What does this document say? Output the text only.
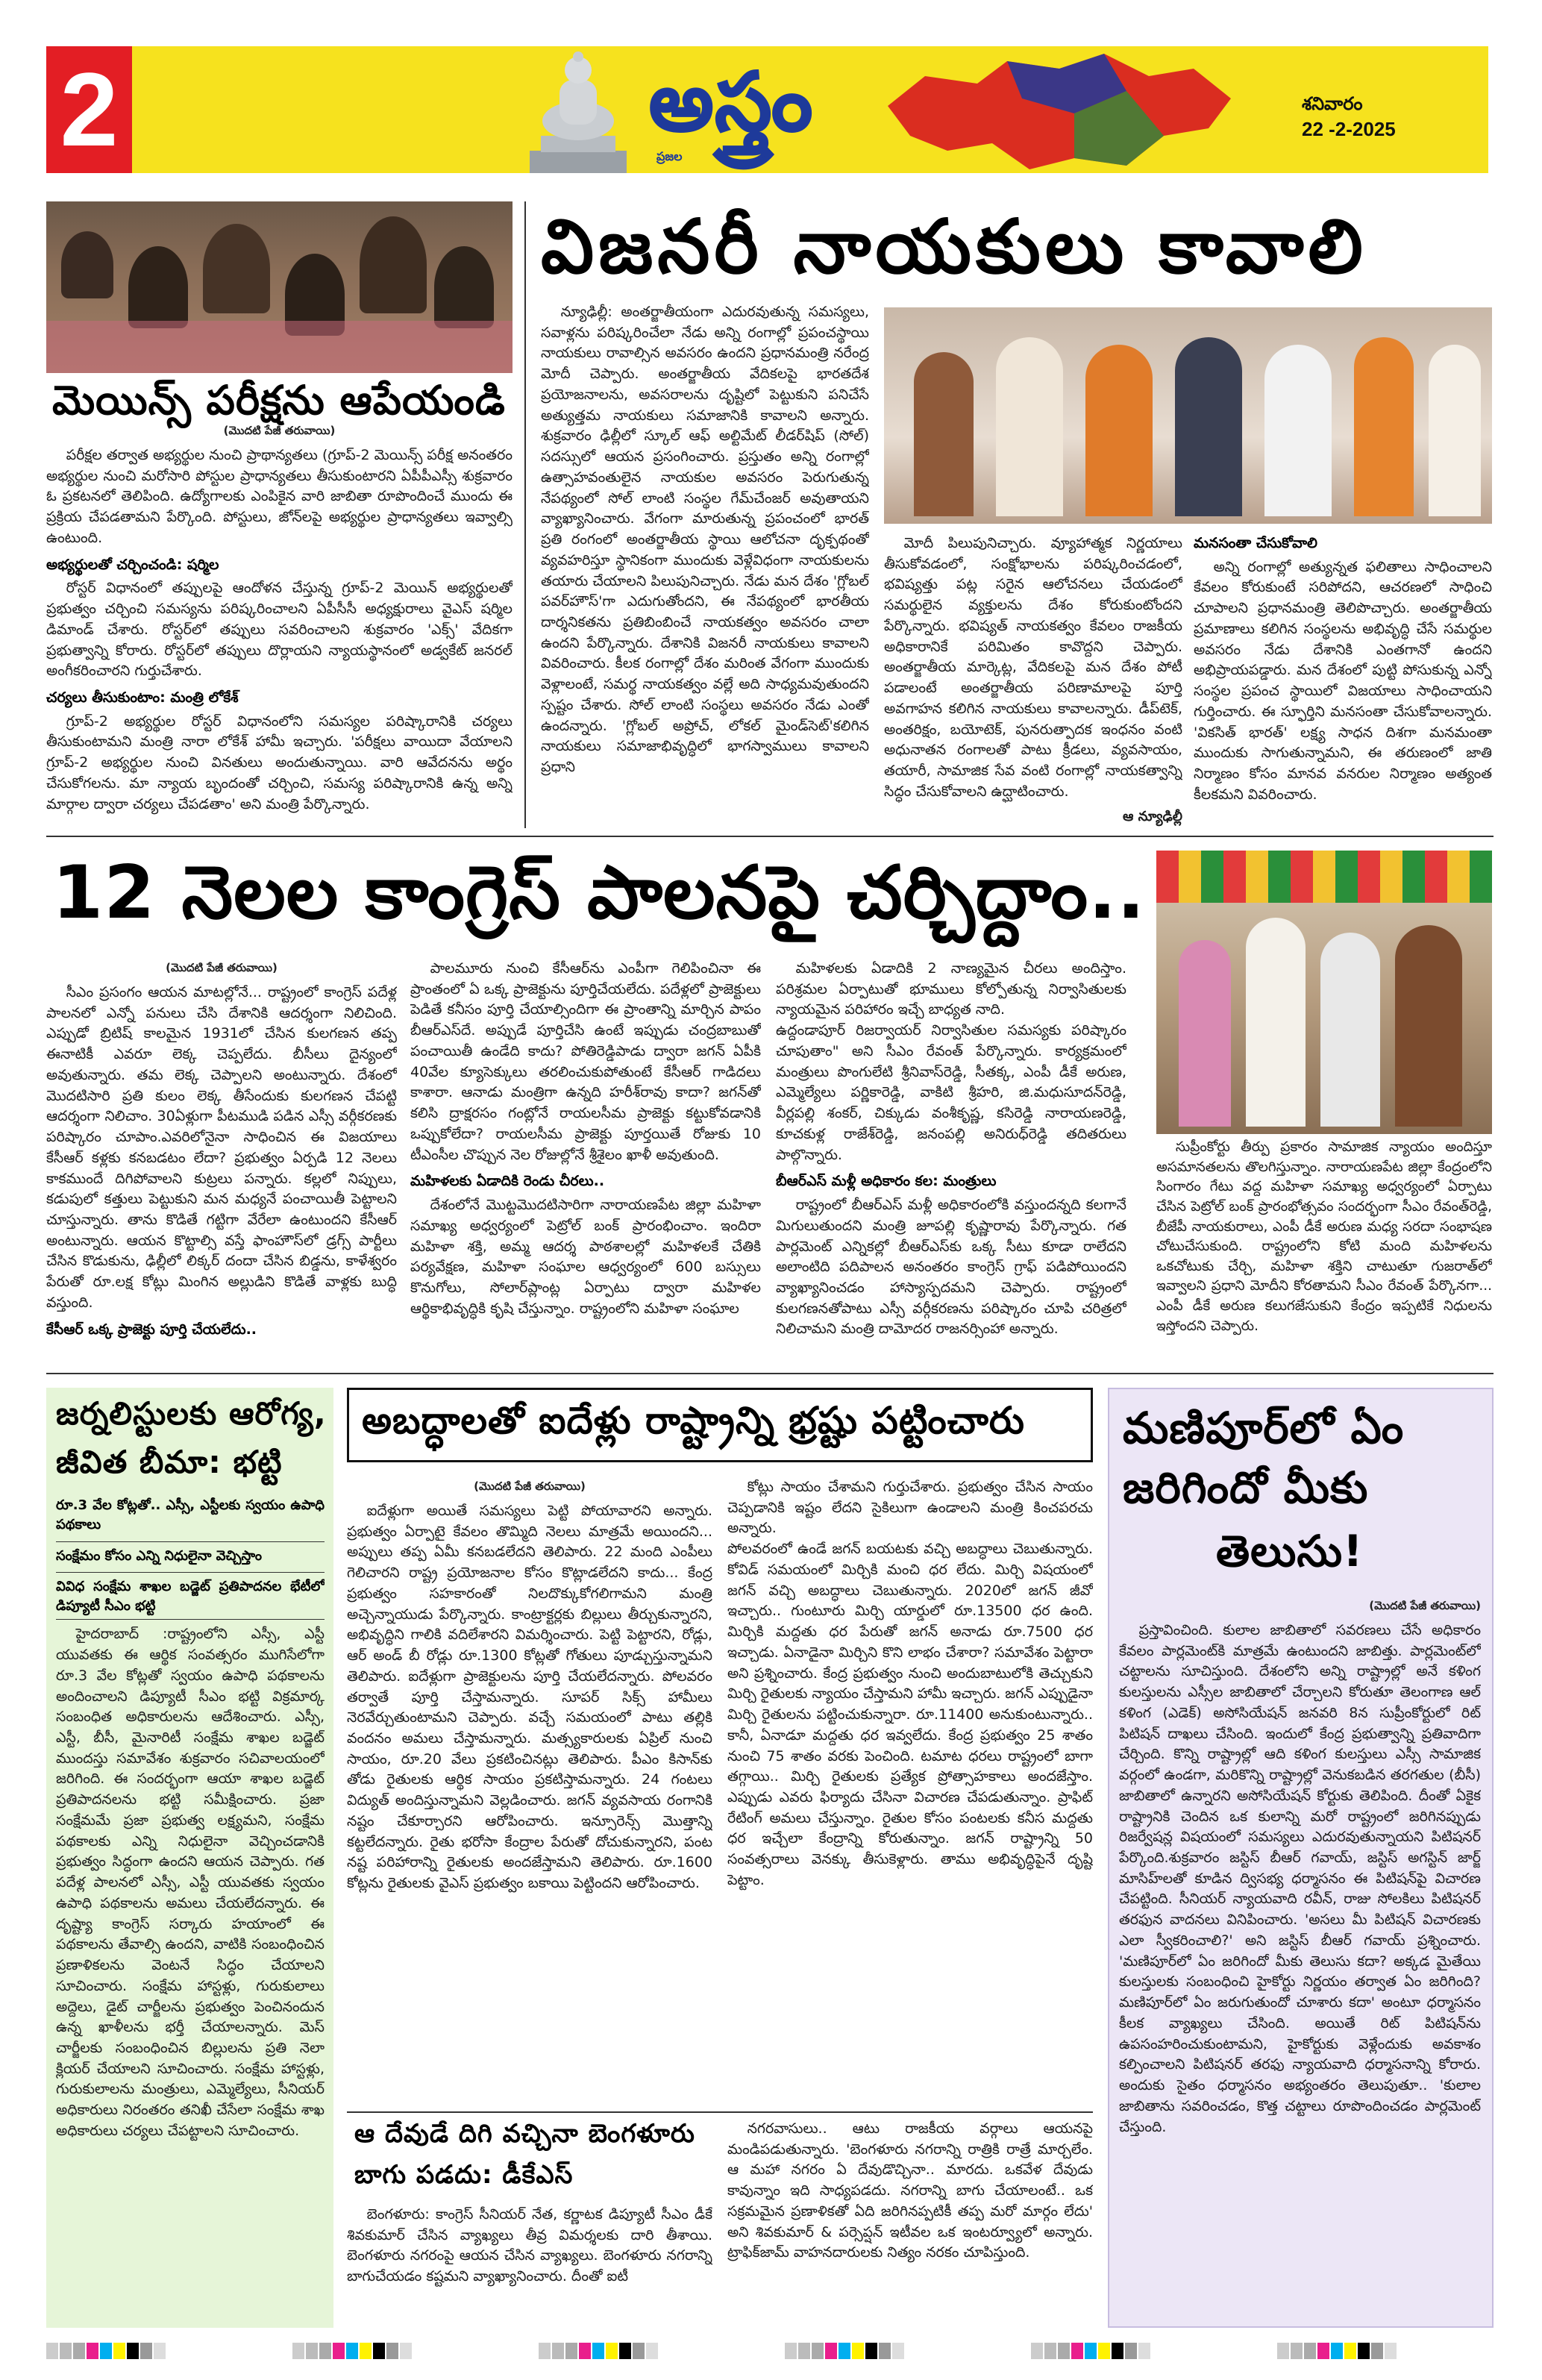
2	అస్త్రం
ప్రజల
శనివారం
22 -2-2025
మెయిన్స్ పరీక్షను ఆపేయండి
(మొదటి పేజీ తరువాయి)

పరీక్షల తర్వాత అభ్యర్థుల నుంచి ప్రాథాన్యతలు (గ్రూప్-2 మెయిన్స్ పరీక్ష అనంతరం అభ్యర్థుల నుంచి మరోసారి పోస్టుల ప్రాధాన్యతలు తీసుకుంటారని ఏపీపీఎస్సీ శుక్రవారం ఓ ప్రకటనలో తెలిపింది. ఉద్యోగాలకు ఎంపికైన వారి జాబితా రూపొందించే ముందు ఈ ప్రక్రియ చేపడతామని పేర్కొంది. పోస్టులు, జోన్‌లపై అభ్యర్థుల ప్రాధాన్యతలు ఇవ్వాల్సి ఉంటుంది.

అభ్యర్థులతో చర్చించండి: షర్మిల

రోస్టర్ విధానంలో తప్పులపై ఆందోళన చేస్తున్న గ్రూప్-2 మెయిన్ అభ్యర్థులతో ప్రభుత్వం చర్చించి సమస్యను పరిష్కరించాలని ఏపీసీసీ అధ్యక్షురాలు వైఎస్ షర్మిల డిమాండ్ చేశారు. రోస్టర్‌లో తప్పులు సవరించాలని శుక్రవారం 'ఎక్స్' వేదికగా ప్రభుత్వాన్ని కోరారు. రోస్టర్‌లో తప్పులు దొర్లాయని న్యాయస్థానంలో అడ్వకేట్ జనరల్ అంగీకరించారని గుర్తుచేశారు.

చర్యలు తీసుకుంటాం: మంత్రి లోకేశ్

గ్రూప్-2 అభ్యర్థుల రోస్టర్ విధానంలోని సమస్యల పరిష్కారానికి చర్యలు తీసుకుంటామని మంత్రి నారా లోకేశ్ హామీ ఇచ్చారు. 'పరీక్షలు వాయిదా వేయాలని గ్రూప్-2 అభ్యర్థుల నుంచి వినతులు అందుతున్నాయి. వారి ఆవేదనను అర్థం చేసుకోగలను. మా న్యాయ బృందంతో చర్చించి, సమస్య పరిష్కారానికి ఉన్న అన్ని మార్గాల ద్వారా చర్యలు చేపడతాం' అని మంత్రి పేర్కొన్నారు.

విజనరీ నాయకులు కావాలి
న్యూఢిల్లీ: అంతర్జాతీయంగా ఎదురవుతున్న సమస్యలు, సవాళ్లను పరిష్కరించేలా నేడు అన్ని రంగాల్లో ప్రపంచస్థాయి నాయకులు రావాల్సిన అవసరం ఉందని ప్రధానమంత్రి నరేంద్ర మోదీ చెప్పారు. అంతర్జాతీయ వేదికలపై భారతదేశ ప్రయోజనాలను, అవసరాలను దృష్టిలో పెట్టుకుని పనిచేసే అత్యుత్తమ నాయకులు సమాజానికి కావాలని అన్నారు. శుక్రవారం ఢిల్లీలో స్కూల్ ఆఫ్ అల్టిమేట్ లీడర్‌షిప్ (సోల్) సదస్సులో ఆయన ప్రసంగించారు. ప్రస్తుతం అన్ని రంగాల్లో ఉత్సాహవంతులైన నాయకుల అవసరం పెరుగుతున్న నేపథ్యంలో సోల్ లాంటి సంస్థల గేమ్‌చేంజర్ అవుతాయని వ్యాఖ్యానించారు. వేగంగా మారుతున్న ప్రపంచంలో భారత్ ప్రతి రంగంలో అంతర్జాతీయ స్థాయి ఆలోచనా దృక్పథంతో వ్యవహరిస్తూ స్థానికంగా ముందుకు వెళ్లేవిధంగా నాయకులను తయారు చేయాలని పిలుపునిచ్చారు. నేడు మన దేశం 'గ్లోబల్ పవర్‌హౌస్'గా ఎదుగుతోందని, ఈ నేపథ్యంలో భారతీయ దార్శనికతను ప్రతిబింబించే నాయకత్వం అవసరం చాలా ఉందని పేర్కొన్నారు. దేశానికి విజనరీ నాయకులు కావాలని వివరించారు. కీలక రంగాల్లో దేశం మరింత వేగంగా ముందుకు వెళ్లాలంటే, సమర్థ నాయకత్వం వల్లే అది సాధ్యమవుతుందని స్పష్టం చేశారు. సోల్ లాంటి సంస్థలు అవసరం నేడు ఎంతో ఉందన్నారు. 'గ్లోబల్ అప్రోచ్, లోకల్ మైండ్‌సెట్'కలిగిన నాయకులు సమాజాభివృద్ధిలో భాగస్వాములు కావాలని ప్రధాని
మోదీ పిలుపునిచ్చారు. వ్యూహాత్మక నిర్ణయాలు తీసుకోవడంలో, సంక్షోభాలను పరిష్కరించడంలో, భవిష్యత్తు పట్ల సరైన ఆలోచనలు చేయడంలో సమర్థులైన వ్యక్తులను దేశం కోరుకుంటోందని పేర్కొన్నారు. భవిష్యత్ నాయకత్వం కేవలం రాజకీయ అధికారానికే పరిమితం కావొద్దని చెప్పారు. అంతర్జాతీయ మార్కెట్ల, వేదికలపై మన దేశం పోటీ పడాలంటే అంతర్జాతీయ పరిణామాలపై పూర్తి అవగాహన కలిగిన నాయకులు కావాలన్నారు. డీప్‌టెక్, అంతరిక్షం, బయోటెక్, పునరుత్పాదక ఇంధనం వంటి అధునాతన రంగాలతో పాటు క్రీడలు, వ్యవసాయం, తయారీ, సామాజిక సేవ వంటి రంగాల్లో నాయకత్వాన్ని సిద్ధం చేసుకోవాలని ఉద్ఘాటించారు.
ఆ న్యూఢిల్లీ
మనసంతా చేసుకోవాలి
అన్ని రంగాల్లో అత్యున్నత ఫలితాలు సాధించాలని కేవలం కోరుకుంటే సరిపోదని, ఆచరణలో సాధించి చూపాలని ప్రధానమంత్రి తెలిపొచ్చారు. అంతర్జాతీయ ప్రమాణాలు కలిగిన సంస్థలను అభివృద్ధి చేసే సమర్థుల అవసరం నేడు దేశానికి ఎంతగానో ఉందని అభిప్రాయపడ్డారు. మన దేశంలో పుట్టి పోసుకున్న ఎన్నో సంస్థల ప్రపంచ స్థాయిలో విజయాలు సాధించాయని గుర్తించారు. ఈ స్ఫూర్తిని మనసంతా చేసుకోవాలన్నారు. 'వికసిత్ భారత్' లక్ష్య సాధన దిశగా మనమంతా ముందుకు సాగుతున్నామని, ఈ తరుణంలో జాతి నిర్మాణం కోసం మానవ వనరుల నిర్మాణం అత్యంత కీలకమని వివరించారు.
12 నెలల కాంగ్రెస్ పాలనపై చర్చిద్దాం..
(మొదటి పేజీ తరువాయి)
సీఎం ప్రసంగం ఆయన మాటల్లోనే... రాష్ట్రంలో కాంగ్రెస్ పదేళ్ల పాలనలో ఎన్నో పనులు చేసి దేశానికి ఆదర్శంగా నిలిచింది. ఎప్పుడో బ్రిటిష్ కాలమైన 1931లో చేసిన కులగణన తప్ప ఈనాటికీ ఎవరూ లెక్క చెప్పలేదు. బీసీలు దైన్యంలో అవుతున్నారు. తమ లెక్క చెప్పాలని అంటున్నారు. దేశంలో మొదటిసారి ప్రతి కులం లెక్క తీసేందుకు కులగణన చేపట్టి ఆదర్శంగా నిలిచాం. 30ఏళ్లుగా పీటముడి పడిన ఎస్సీ వర్గీకరణకు పరిష్కారం చూపాం.ఎవరిలోనైనా సాధించిన ఈ విజయాలు కేసీఆర్ కళ్లకు కనబడటం లేదా? ప్రభుత్వం ఏర్పడి 12 నెలలు కాకముందే దిగిపోవాలని కుట్రలు పన్నారు. కల్లలో నిప్పులు, కడుపులో కత్తులు పెట్టుకుని మన మధ్యనే పంచాయితీ పెట్టాలని చూస్తున్నారు. తాను కొడితే గట్టిగా వేరేలా ఉంటుందని కేసీఆర్ అంటున్నారు. ఆయన కొట్టాల్సి వస్తే ఫాంహౌస్‌లో డ్రగ్స్ పార్టీలు చేసిన కొడుకును, ఢిల్లీలో లిక్కర్ దందా చేసిన బిడ్డను, కాళేశ్వరం పేరుతో రూ.లక్ష కోట్లు మింగిన అల్లుడిని కొడితే వాళ్లకు బుద్ధి వస్తుంది.
కేసీఆర్ ఒక్క ప్రాజెక్టు పూర్తి చేయలేదు..
పాలమూరు నుంచి కేసీఆర్‌ను ఎంపీగా గెలిపించినా ఈ ప్రాంతంలో ఏ ఒక్క ప్రాజెక్టును పూర్తిచేయలేదు. పదేళ్లలో ప్రాజెక్టులు పెడితే కనీసం పూర్తి చేయాల్సిందిగా ఈ ప్రాంతాన్ని మార్చిన పాపం బీఆర్ఎస్‌దే. అప్పుడే పూర్తిచేసి ఉంటే ఇప్పుడు చంద్రబాబుతో పంచాయితీ ఉండేది కాదు? పోతిరెడ్డిపాడు ద్వారా జగన్ ఏపీకి 40వేల క్యూసెక్కులు తరలించుకుపోతుంటే కేసీఆర్ గాడిదలు కాశారా. ఆనాడు మంత్రిగా ఉన్నది హరీశ్‌రావు కాదా? జగన్‌తో కలిసి ద్రాక్షరసం గంట్లోనే రాయలసీమ ప్రాజెక్టు కట్టుకోవడానికి ఒప్పుకోలేదా? రాయలసీమ ప్రాజెక్టు పూర్తయితే రోజుకు 10 టీఎంసీల చొప్పున నెల రోజుల్లోనే శ్రీశైలం ఖాళీ అవుతుంది.
మహిళలకు ఏడాదికి రెండు చీరలు..
దేశంలోనే మొట్టమొదటిసారిగా నారాయణపేట జిల్లా మహిళా సమాఖ్య అధ్వర్యంలో పెట్రోల్ బంక్ ప్రారంభించాం. ఇందిరా మహిళా శక్తి, అమ్మ ఆదర్శ పాఠశాలల్లో మహిళలకే చేతికి పర్యవేక్షణ, మహిళా సంఘాల ఆధ్వర్యంలో 600 బస్సులు కొనుగోలు, సోలార్‌ప్లాంట్ల ఏర్పాటు ద్వారా మహిళల ఆర్థికాభివృద్ధికి కృషి చేస్తున్నాం. రాష్ట్రంలోని మహిళా సంఘాల
మహిళలకు ఏడాదికి 2 నాణ్యమైన చీరలు అందిస్తాం. పరిశ్రమల ఏర్పాటుతో భూములు కోల్పోతున్న నిర్వాసితులకు న్యాయమైన పరిహారం ఇచ్చే బాధ్యత నాది.
ఉద్దండాపూర్ రిజర్వాయర్ నిర్వాసితుల సమస్యకు పరిష్కారం చూపుతాం" అని సీఎం రేవంత్ పేర్కొన్నారు. కార్యక్రమంలో మంత్రులు పొంగులేటి శ్రీనివాస్‌రెడ్డి, సీతక్క, ఎంపీ డీకే అరుణ, ఎమ్మెల్యేలు పర్ణికారెడ్డి, వాకిటి శ్రీహరి, జి.మధుసూదన్‌రెడ్డి, వీర్లపల్లి శంకర్, చిక్కుడు వంశీకృష్ణ, కసిరెడ్డి నారాయణరెడ్డి, కూచకుళ్ల రాజేశ్‌రెడ్డి, జనంపల్లి అనిరుధ్‌రెడ్డి తదితరులు పాల్గొన్నారు.
బీఆర్ఎస్ మళ్లీ అధికారం కల: మంత్రులు
రాష్ట్రంలో బీఆర్ఎస్ మళ్లీ అధికారంలోకి వస్తుందన్నది కలగానే మిగులుతుందని మంత్రి జూపల్లి కృష్ణారావు పేర్కొన్నారు. గత పార్లమెంట్ ఎన్నికల్లో బీఆర్ఎస్‌కు ఒక్క సీటు కూడా రాలేదని అలాంటిది పదిపాలన అనంతరం కాంగ్రెస్ గ్రాఫ్ పడిపోయిందని వ్యాఖ్యానించడం హాస్యాస్పదమని చెప్పారు. రాష్ట్రంలో కులగణనతోపాటు ఎస్సీ వర్గీకరణను పరిష్కారం చూపి చరిత్రలో నిలిచామని మంత్రి దామోదర రాజనర్సింహా అన్నారు.
సుప్రీంకోర్టు తీర్పు ప్రకారం సామాజిక న్యాయం అందిస్తూ అసమానతలను తొలగిస్తున్నాం. నారాయణపేట జిల్లా కేంద్రంలోని సింగారం గేటు వద్ద మహిళా సమాఖ్య అధ్వర్యంలో ఏర్పాటు చేసిన పెట్రోల్ బంక్ ప్రారంభోత్సవం సందర్భంగా సీఎం రేవంత్‌రెడ్డి, బీజేపీ నాయకురాలు, ఎంపీ డీకే అరుణ మధ్య సరదా సంభాషణ చోటుచేసుకుంది. రాష్ట్రంలోని కోటి మంది మహిళలను ఒకచోటుకు చేర్చి, మహిళా శక్తిని చాటుతూ గుజరాత్‌లో ఇవ్వాలని ప్రధాని మోదీని కోరతామని సీఎం రేవంత్ పేర్కొనగా... ఎంపీ డీకే అరుణ కలుగజేసుకుని కేంద్రం ఇప్పటికే నిధులను ఇస్తోందని చెప్పారు.
జర్నలిస్టులకు ఆరోగ్య,
జీవిత బీమా: భట్టి
రూ.3 వేల కోట్లతో.. ఎస్సీ, ఎస్టీలకు స్వయం ఉపాధి పథకాలు
సంక్షేమం కోసం ఎన్ని నిధులైనా వెచ్చిస్తాం
వివిధ సంక్షేమ శాఖల బడ్జెట్ ప్రతిపాదనల భేటీలో డిప్యూటీ సీఎం భట్టి
హైదరాబాద్ :రాష్ట్రంలోని ఎస్సీ, ఎస్టీ యువతకు ఈ ఆర్థిక సంవత్సరం ముగిసేలోగా రూ.3 వేల కోట్లతో స్వయం ఉపాధి పథకాలను అందించాలని డిప్యూటీ సీఎం భట్టి విక్రమార్క సంబంధిత అధికారులను ఆదేశించారు. ఎస్సీ, ఎస్టీ, బీసీ, మైనారిటీ సంక్షేమ శాఖల బడ్జెట్ ముందస్తు సమావేశం శుక్రవారం సచివాలయంలో జరిగింది. ఈ సందర్భంగా ఆయా శాఖల బడ్జెట్ ప్రతిపాదనలను భట్టి సమీక్షించారు. ప్రజా సంక్షేమమే ప్రజా ప్రభుత్వ లక్ష్యమని, సంక్షేమ పథకాలకు ఎన్ని నిధులైనా వెచ్చించడానికి ప్రభుత్వం సిద్ధంగా ఉందని ఆయన చెప్పారు. గత పదేళ్ల పాలనలో ఎస్సీ, ఎస్టీ యువతకు స్వయం ఉపాధి పథకాలను అమలు చేయలేదన్నారు. ఈ దృష్ట్యా కాంగ్రెస్ సర్కారు హయాంలో ఈ పథకాలను తేవాల్సి ఉందని, వాటికి సంబంధించిన ప్రణాళికలను వెంటనే సిద్ధం చేయాలని సూచించారు. సంక్షేమ హాస్టళ్లు, గురుకులాలు అద్దెలు, డైట్ చార్జీలను ప్రభుత్వం పెంచినందున ఉన్న ఖాళీలను భర్తీ చేయాలన్నారు. మెస్ చార్జీలకు సంబంధించిన బిల్లులను ప్రతి నెలా క్లియర్ చేయాలని సూచించారు. సంక్షేమ హాస్టళ్లు, గురుకులాలను మంత్రులు, ఎమ్మెల్యేలు, సీనియర్ అధికారులు నిరంతరం తనిఖీ చేసేలా సంక్షేమ శాఖ అధికారులు చర్యలు చేపట్టాలని సూచించారు.
అబద్ధాలతో ఐదేళ్లు రాష్ట్రాన్ని భ్రష్టు పట్టించారు
(మొదటి పేజీ తరువాయి)
ఐదేళ్లుగా అయితే సమస్యలు పెట్టి పోయావారని అన్నారు. ప్రభుత్వం ఏర్పాటై కేవలం తొమ్మిది నెలలు మాత్రమే అయిందని... అప్పులు తప్ప ఏమీ కనబడలేదని తెలిపారు. 22 మంది ఎంపీలు గెలిచారని రాష్ట్ర ప్రయోజనాల కోసం కొట్లాడలేదని కాదు... కేంద్ర ప్రభుత్వం సహకారంతో నిలదొక్కుకోగలిగామని మంత్రి అచ్చెన్నాయుడు పేర్కొన్నారు. కాంట్రాక్టర్లకు బిల్లులు తీర్చుకున్నారని, అభివృద్ధిని గాలికి వదిలేశారని విమర్శించారు. పెట్టి పెట్టారని, రోడ్లు, ఆర్ అండ్ బీ రోడ్లు రూ.1300 కోట్లతో గోతులు పూడ్చుస్తున్నామని తెలిపారు. ఐదేళ్లుగా ప్రాజెక్టులను పూర్తి చేయలేదన్నారు. పోలవరం తర్వాతే పూర్తి చేస్తామన్నారు. సూపర్ సిక్స్ హామీలు నెరవేర్చుతుంటామని చెప్పారు. వచ్చే సమయంలో పాటు తల్లికి వందనం అమలు చేస్తామన్నారు. మత్స్యకారులకు ఏప్రిల్ నుంచి సాయం, రూ.20 వేలు ప్రకటించినట్లు తెలిపారు. పీఎం కిసాన్‌కు తోడు రైతులకు ఆర్థిక సాయం ప్రకటిస్తామన్నారు. 24 గంటలు విద్యుత్ అందిస్తున్నామని వెల్లడించారు. జగన్ వ్యవసాయ రంగానికి నష్టం చేకూర్చారని ఆరోపించారు. ఇన్సూరెన్స్ మొత్తాన్ని కట్టలేదన్నారు. రైతు భరోసా కేంద్రాల పేరుతో దోచుకున్నారని, పంట నష్ట పరిహారాన్ని రైతులకు అందజేస్తామని తెలిపారు. రూ.1600 కోట్లను రైతులకు వైఎస్ ప్రభుత్వం బకాయి పెట్టిందని ఆరోపించారు.
కోట్లు సాయం చేశామని గుర్తుచేశారు. ప్రభుత్వం చేసిన సాయం చెప్పడానికి ఇష్టం లేదని సైకిలుగా ఉండాలని మంత్రి కించపరచు అన్నారు.
పోలవరంలో ఉండే జగన్ బయటకు వచ్చి అబద్ధాలు చెబుతున్నారు. కోవిడ్ సమయంలో మిర్చికి మంచి ధర లేదు. మిర్చి విషయంలో జగన్ వచ్చి అబద్ధాలు చెబుతున్నారు. 2020లో జగన్ జీవో ఇచ్చారు.. గుంటూరు మిర్చి యార్డులో రూ.13500 ధర ఉంది. మిర్చికి మద్దతు ధర పేరుతో జగన్ అనాడు రూ.7500 ధర ఇచ్చాడు. ఏనాడైనా మిర్చిని కొని లాభం చేశారా? సమావేశం పెట్టారా అని ప్రశ్నించారు. కేంద్ర ప్రభుత్వం నుంచి అందుబాటులోకి తెచ్చుకుని మిర్చి రైతులకు న్యాయం చేస్తామని హామీ ఇచ్చారు. జగన్ ఎప్పుడైనా మిర్చి రైతులను పట్టించుకున్నారా. రూ.11400 అనుకుంటున్నారు.. కానీ, ఏనాడూ మద్దతు ధర ఇవ్వలేదు. కేంద్ర ప్రభుత్వం 25 శాతం నుంచి 75 శాతం వరకు పెంచింది. టమాట ధరలు రాష్ట్రంలో బాగా తగ్గాయి.. మిర్చి రైతులకు ప్రత్యేక ప్రోత్సాహకాలు అందజేస్తాం. ఎప్పుడు ఎవరు ఫిర్యాదు చేసినా విచారణ చేపడుతున్నాం. ప్రాఫిట్ రేటింగ్ అమలు చేస్తున్నాం. రైతుల కోసం పంటలకు కనీస మద్దతు ధర ఇచ్చేలా కేంద్రాన్ని కోరుతున్నాం. జగన్ రాష్ట్రాన్ని 50 సంవత్సరాలు వెనక్కు తీసుకెళ్లారు. తాము అభివృద్ధిపైనే దృష్టి పెట్టాం.
ఆ దేవుడే దిగి వచ్చినా బెంగళూరు
బాగు పడదు: డీకేఎస్
బెంగళూరు: కాంగ్రెస్ సీనియర్ నేత, కర్ణాటక డిప్యూటీ సీఎం డీకే శివకుమార్ చేసిన వ్యాఖ్యలు తీవ్ర విమర్శలకు దారి తీశాయి. బెంగళూరు నగరంపై ఆయన చేసిన వ్యాఖ్యలు. బెంగళూరు నగరాన్ని బాగుచేయడం కష్టమని వ్యాఖ్యానించారు. దీంతో ఐటీ
నగరవాసులు.. ఆటు రాజకీయ వర్గాలు ఆయనపై మండిపడుతున్నారు. 'బెంగళూరు నగరాన్ని రాత్రికి రాత్రే మార్చలేం. ఆ మహా నగరం ఏ దేవుడొచ్చినా.. మారదు. ఒకవేళ దేవుడు కావున్నాం ఇది సాధ్యపడదు. నగరాన్ని బాగు చేయాలంటే.. ఒక సక్రమమైన ప్రణాళికతో ఏది జరిగినప్పటికీ తప్ప మరో మార్గం లేదు' అని శివకుమార్ & పర్సెప్షన్ ఇటీవల ఒక ఇంటర్వ్యూలో అన్నారు. ట్రాఫిక్‌జామ్ వాహనదారులకు నిత్యం నరకం చూపిస్తుంది.
మణిపూర్‌లో ఏం
జరిగిందో మీకు
తెలుసు!
(మొదటి పేజీ తరువాయి)
ప్రస్తావించింది. కులాల జాబితాలో సవరణలు చేసే అధికారం కేవలం పార్లమెంట్‌కి మాత్రమే ఉంటుందని జాబిత్తు. పార్లమెంట్‌లో చట్టాలను సూచిస్తుంది. దేశంలోని అన్ని రాష్ట్రాల్లో అనే కళింగ కులస్తులను ఎస్సీల జాబితాలో చేర్చాలని కోరుతూ తెలంగాణ ఆల్ కళింగ (ఎడెక్) అసోసియేషన్ జనవరి 8న సుప్రీంకోర్టులో రిట్ పిటిషన్ దాఖలు చేసింది. ఇందులో కేంద్ర ప్రభుత్వాన్ని ప్రతివాదిగా చేర్చింది. కొన్ని రాష్ట్రాల్లో ఆది కళింగ కులస్తులు ఎస్సీ సామాజిక వర్గంలో ఉండగా, మరికొన్ని రాష్ట్రాల్లో వెనుకబడిన తరగతుల (బీసీ) జాబితాలో ఉన్నారని అసోసియేషన్ కోర్టుకు తెలిపింది. దీంతో ఏకైక రాష్ట్రానికి చెందిన ఒక కులాన్ని మరో రాష్ట్రంలో జరిగినప్పుడు రిజర్వేషన్ల విషయంలో సమస్యలు ఎదురవుతున్నాయని పిటిషనర్ పేర్కొంది.శుక్రవారం జస్టిస్ బీఆర్ గవాయ్, జస్టిస్ అగస్టిన్ జార్జ్ మాసిహ్‌లతో కూడిన ద్విసభ్య ధర్మాసనం ఈ పిటిషన్‌పై విచారణ చేపట్టింది. సీనియర్ న్యాయవాది రవీన్, రాజు సోలకిలు పిటిషనర్ తరఫున వాదనలు వినిపించారు. 'అసలు మీ పిటిషన్ విచారణకు ఎలా స్వీకరించాలి?' అని జస్టిస్ బీఆర్ గవాయ్ ప్రశ్నించారు. 'మణిపూర్‌లో ఏం జరిగిందో మీకు తెలుసు కదా? అక్కడ మైతేయి కులస్తులకు సంబంధించి హైకోర్టు నిర్ణయం తర్వాత ఏం జరిగింది? మణిపూర్‌లో ఏం జరుగుతుందో చూశారు కదా' అంటూ ధర్మాసనం కీలక వ్యాఖ్యలు చేసింది. అయితే రిట్ పిటిషన్‌ను ఉపసంహరించుకుంటామని, హైకోర్టుకు వెళ్లేందుకు అవకాశం కల్పించాలని పిటిషనర్ తరఫు న్యాయవాది ధర్మాసనాన్ని కోరారు. అందుకు సైతం ధర్మాసనం అభ్యంతరం తెలుపుతూ.. 'కులాల జాబితాను సవరించడం, కొత్త చట్టాలు రూపొందించడం పార్లమెంట్ చేస్తుంది.
